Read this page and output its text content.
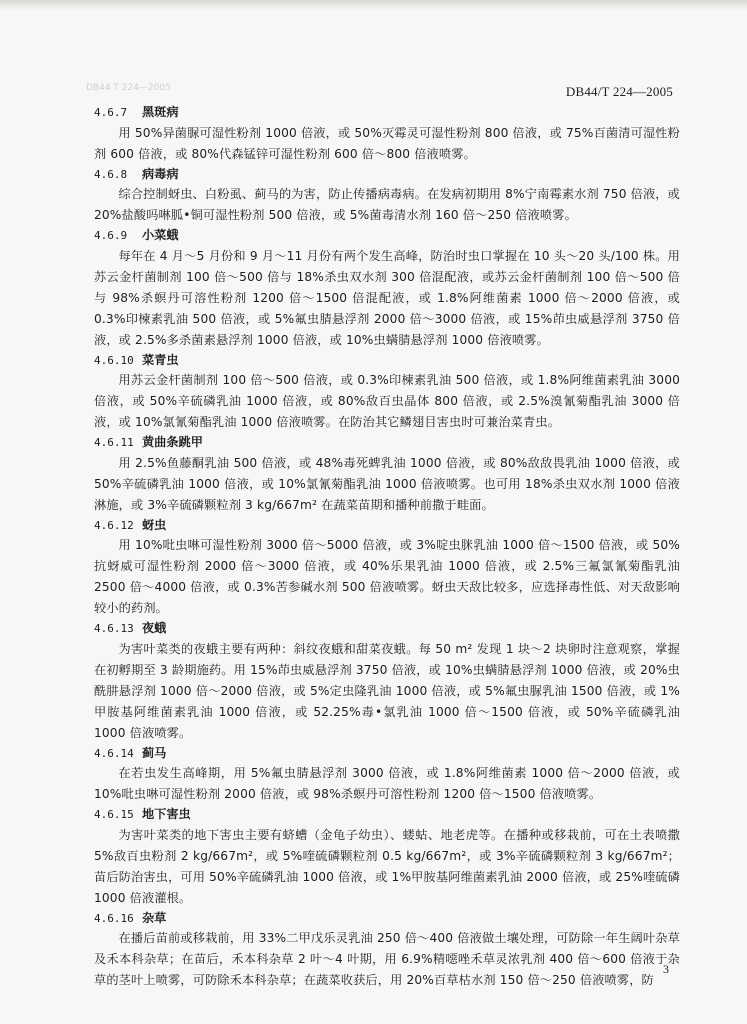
DB44 T 224—2005	DB44/T 224—2005
4.6.7 黑斑病

用 50%异菌脲可湿性粉剂 1000 倍液，或 50%灭霉灵可湿性粉剂 800 倍液，或 75%百菌清可湿性粉剂 600 倍液，或 80%代森锰锌可湿性粉剂 600 倍～800 倍液喷雾。

4.6.8 病毒病

综合控制蚜虫、白粉虱、蓟马的为害，防止传播病毒病。在发病初期用 8%宁南霉素水剂 750 倍液，或 20%盐酸吗啉胍•铜可湿性粉剂 500 倍液，或 5%菌毒清水剂 160 倍～250 倍液喷雾。

4.6.9 小菜蛾

每年在 4 月～5 月份和 9 月～11 月份有两个发生高峰，防治时虫口掌握在 10 头～20 头/100 株。用苏云金杆菌制剂 100 倍～500 倍与 18%杀虫双水剂 300 倍混配液，或苏云金杆菌制剂 100 倍～500 倍与 98%杀螟丹可溶性粉剂 1200 倍～1500 倍混配液，或 1.8%阿维菌素 1000 倍～2000 倍液，或 0.3%印楝素乳油 500 倍液，或 5%氟虫腈悬浮剂 2000 倍～3000 倍液，或 15%茚虫威悬浮剂 3750 倍液，或 2.5%多杀菌素悬浮剂 1000 倍液，或 10%虫螨腈悬浮剂 1000 倍液喷雾。

4.6.10 菜青虫

用苏云金杆菌制剂 100 倍～500 倍液，或 0.3%印楝素乳油 500 倍液，或 1.8%阿维菌素乳油 3000 倍液，或 50%辛硫磷乳油 1000 倍液，或 80%敌百虫晶体 800 倍液，或 2.5%溴氰菊酯乳油 3000 倍液，或 10%氯氰菊酯乳油 1000 倍液喷雾。在防治其它鳞翅目害虫时可兼治菜青虫。

4.6.11 黄曲条跳甲

用 2.5%鱼藤酮乳油 500 倍液，或 48%毒死蜱乳油 1000 倍液，或 80%敌敌畏乳油 1000 倍液，或 50%辛硫磷乳油 1000 倍液，或 10%氯氰菊酯乳油 1000 倍液喷雾。也可用 18%杀虫双水剂 1000 倍液淋施，或 3%辛硫磷颗粒剂 3 kg/667m² 在蔬菜苗期和播种前撒于畦面。

4.6.12 蚜虫

用 10%吡虫啉可湿性粉剂 3000 倍～5000 倍液，或 3%啶虫脒乳油 1000 倍～1500 倍液，或 50%抗蚜威可湿性粉剂 2000 倍～3000 倍液，或 40%乐果乳油 1000 倍液，或 2.5%三氟氯氰菊酯乳油 2500 倍～4000 倍液，或 0.3%苦参碱水剂 500 倍液喷雾。蚜虫天敌比较多，应选择毒性低、对天敌影响较小的药剂。

4.6.13 夜蛾

为害叶菜类的夜蛾主要有两种：斜纹夜蛾和甜菜夜蛾。每 50 m² 发现 1 块～2 块卵时注意观察，掌握在初孵期至 3 龄期施药。用 15%茚虫威悬浮剂 3750 倍液，或 10%虫螨腈悬浮剂 1000 倍液，或 20%虫酰肼悬浮剂 1000 倍～2000 倍液，或 5%定虫隆乳油 1000 倍液，或 5%氟虫脲乳油 1500 倍液，或 1%甲胺基阿维菌素乳油 1000 倍液，或 52.25%毒•氯乳油 1000 倍～1500 倍液，或 50%辛硫磷乳油 1000 倍液喷雾。

4.6.14 蓟马

在若虫发生高峰期，用 5%氟虫腈悬浮剂 3000 倍液，或 1.8%阿维菌素 1000 倍～2000 倍液，或 10%吡虫啉可湿性粉剂 2000 倍液，或 98%杀螟丹可溶性粉剂 1200 倍～1500 倍液喷雾。

4.6.15 地下害虫

为害叶菜类的地下害虫主要有蛴螬（金龟子幼虫）、蝼蛄、地老虎等。在播种或移栽前，可在土表喷撒 5%敌百虫粉剂 2 kg/667m²，或 5%喹硫磷颗粒剂 0.5 kg/667m²，或 3%辛硫磷颗粒剂 3 kg/667m²；苗后防治害虫，可用 50%辛硫磷乳油 1000 倍液，或 1%甲胺基阿维菌素乳油 2000 倍液，或 25%喹硫磷 1000 倍液灌根。

4.6.16 杂草

在播后苗前或移栽前，用 33%二甲戊乐灵乳油 250 倍～400 倍液做土壤处理，可防除一年生阔叶杂草及禾本科杂草；在苗后，禾本科杂草 2 叶～4 叶期，用 6.9%精噁唑禾草灵浓乳剂 400 倍～600 倍液于杂草的茎叶上喷雾，可防除禾本科杂草；在蔬菜收获后，用 20%百草枯水剂 150 倍～250 倍液喷雾，防

3
